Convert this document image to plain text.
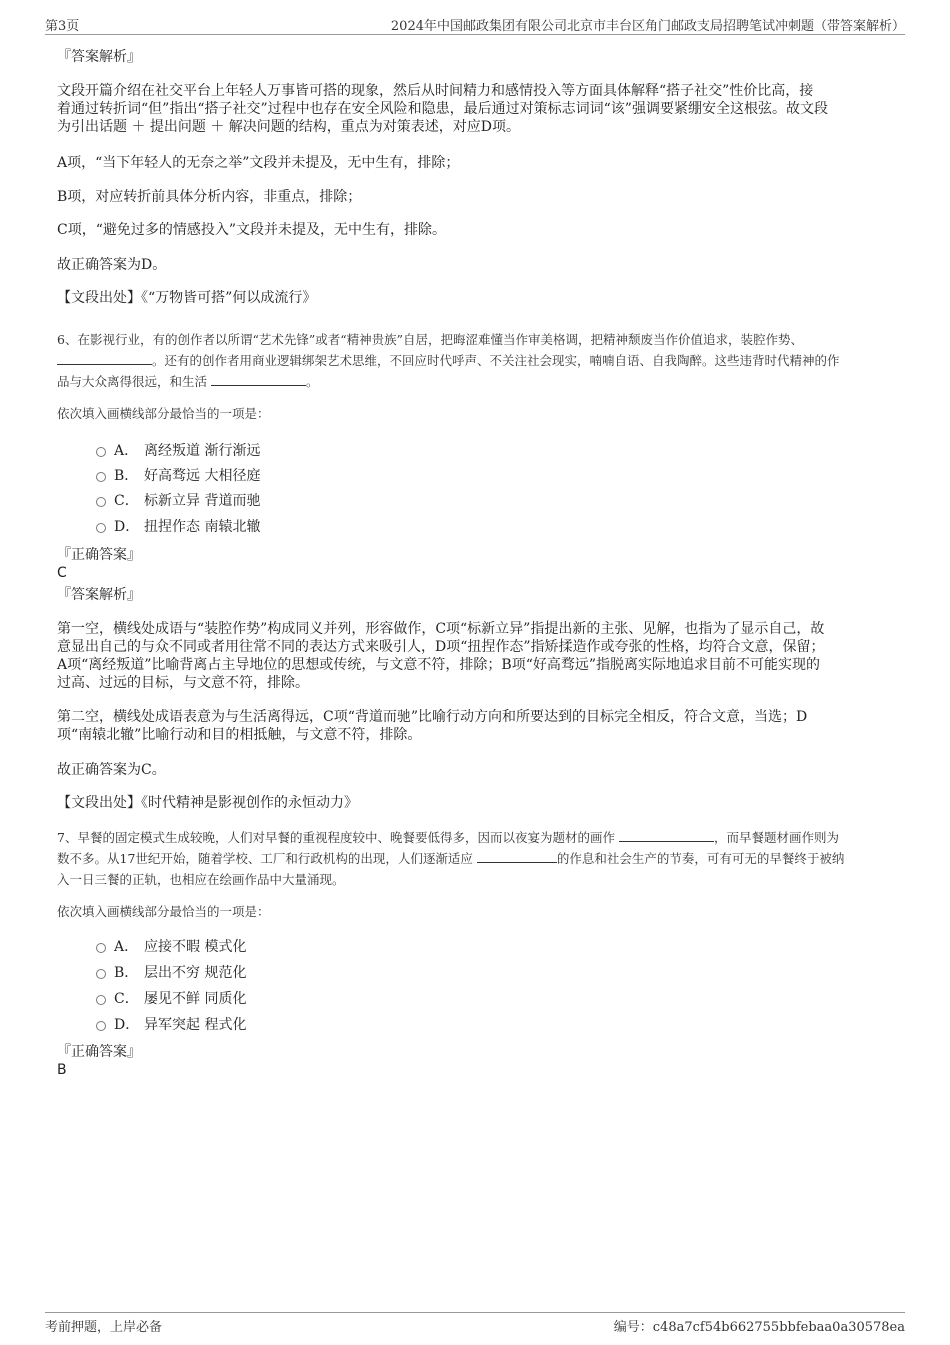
第3页	2024年中国邮政集团有限公司北京市丰台区角门邮政支局招聘笔试冲刺题（带答案解析）
『答案解析』
文段开篇介绍在社交平台上年轻人万事皆可搭的现象，然后从时间精力和感情投入等方面具体解释“搭子社交”性价比高，接
着通过转折词“但”指出“搭子社交”过程中也存在安全风险和隐患，最后通过对策标志词词“该”强调要紧绷安全这根弦。故文段
为引出话题 ＋ 提出问题 ＋ 解决问题的结构，重点为对策表述，对应D项。
A项，“当下年轻人的无奈之举”文段并未提及，无中生有，排除；
B项，对应转折前具体分析内容，非重点，排除；
C项，“避免过多的情感投入”文段并未提及，无中生有，排除。
故正确答案为D。
【文段出处】《“万物皆可搭”何以成流行》
6、在影视行业，有的创作者以所谓“艺术先锋”或者“精神贵族”自居，把晦涩难懂当作审美格调，把精神颓废当作价值追求，装腔作势、
。还有的创作者用商业逻辑绑架艺术思维，不回应时代呼声、不关注社会现实，喃喃自语、自我陶醉。这些违背时代精神的作
品与大众离得很远，和生活	。
依次填入画横线部分最恰当的一项是：
A． 离经叛道 渐行渐远
B． 好高骛远 大相径庭
C． 标新立异 背道而驰
D． 扭捏作态 南辕北辙
『正确答案』
C
『答案解析』
第一空，横线处成语与“装腔作势”构成同义并列，形容做作，C项“标新立异”指提出新的主张、见解，也指为了显示自己，故
意显出自己的与众不同或者用往常不同的表达方式来吸引人，D项“扭捏作态”指矫揉造作或夸张的性格，均符合文意，保留；
A项“离经叛道”比喻背离占主导地位的思想或传统，与文意不符，排除；B项“好高骛远”指脱离实际地追求目前不可能实现的
过高、过远的目标，与文意不符，排除。
第二空，横线处成语表意为与生活离得远，C项“背道而驰”比喻行动方向和所要达到的目标完全相反，符合文意，当选；D
项“南辕北辙”比喻行动和目的相抵触，与文意不符，排除。
故正确答案为C。
【文段出处】《时代精神是影视创作的永恒动力》
7、早餐的固定模式生成较晚，人们对早餐的重视程度较中、晚餐要低得多，因而以夜宴为题材的画作	，而早餐题材画作则为
数不多。从17世纪开始，随着学校、工厂和行政机构的出现，人们逐渐适应	的作息和社会生产的节奏，可有可无的早餐终于被纳
入一日三餐的正轨，也相应在绘画作品中大量涌现。
依次填入画横线部分最恰当的一项是：
A． 应接不暇 模式化
B． 层出不穷 规范化
C． 屡见不鲜 同质化
D． 异军突起 程式化
『正确答案』
B
考前押题，上岸必备	编号：c48a7cf54b662755bbfebaa0a30578ea
